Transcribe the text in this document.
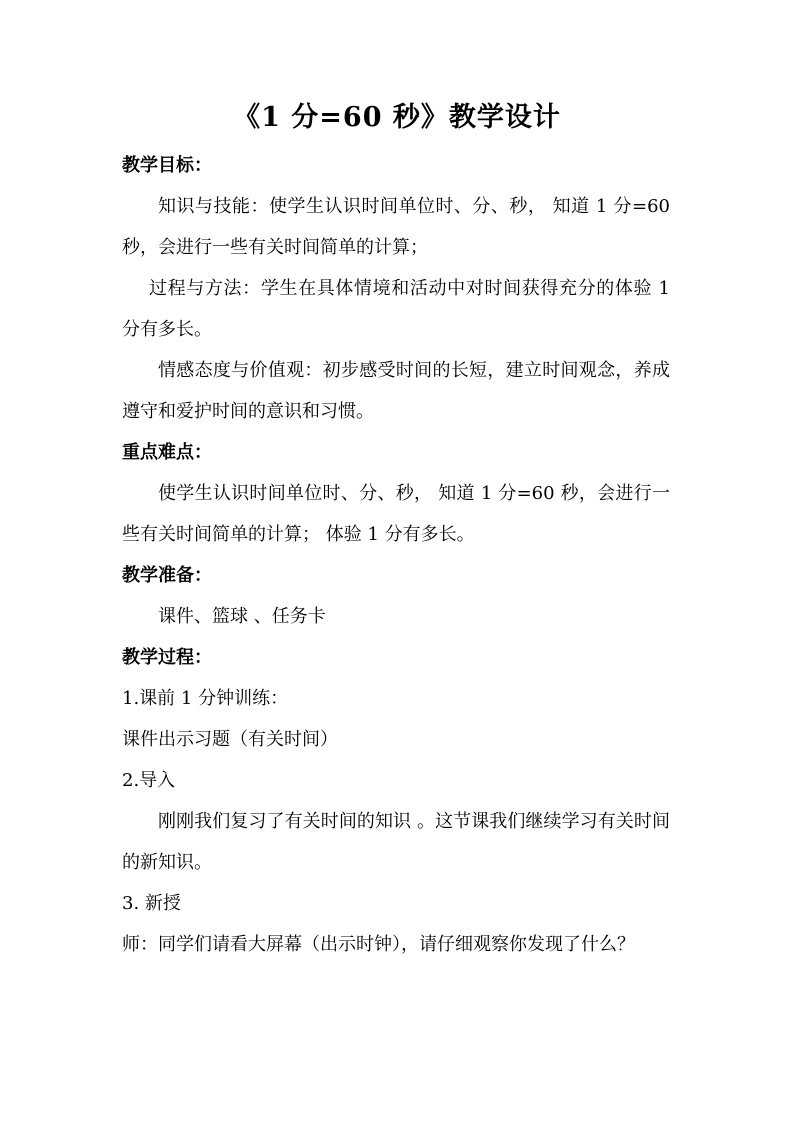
《1 分=60 秒》教学设计

教学目标：

知识与技能：使学生认识时间单位时、分、秒， 知道 1 分=60 秒，会进行一些有关时间简单的计算；

过程与方法：学生在具体情境和活动中对时间获得充分的体验 1 分有多长。

情感态度与价值观：初步感受时间的长短，建立时间观念，养成遵守和爱护时间的意识和习惯。

重点难点：

使学生认识时间单位时、分、秒， 知道 1 分=60 秒，会进行一些有关时间简单的计算； 体验 1 分有多长。

教学准备：

课件、篮球 、任务卡

教学过程：

1.课前 1 分钟训练：

课件出示习题（有关时间）

2.导入

刚刚我们复习了有关时间的知识 。这节课我们继续学习有关时间的新知识。

3. 新授

师：同学们请看大屏幕（出示时钟），请仔细观察你发现了什么？
